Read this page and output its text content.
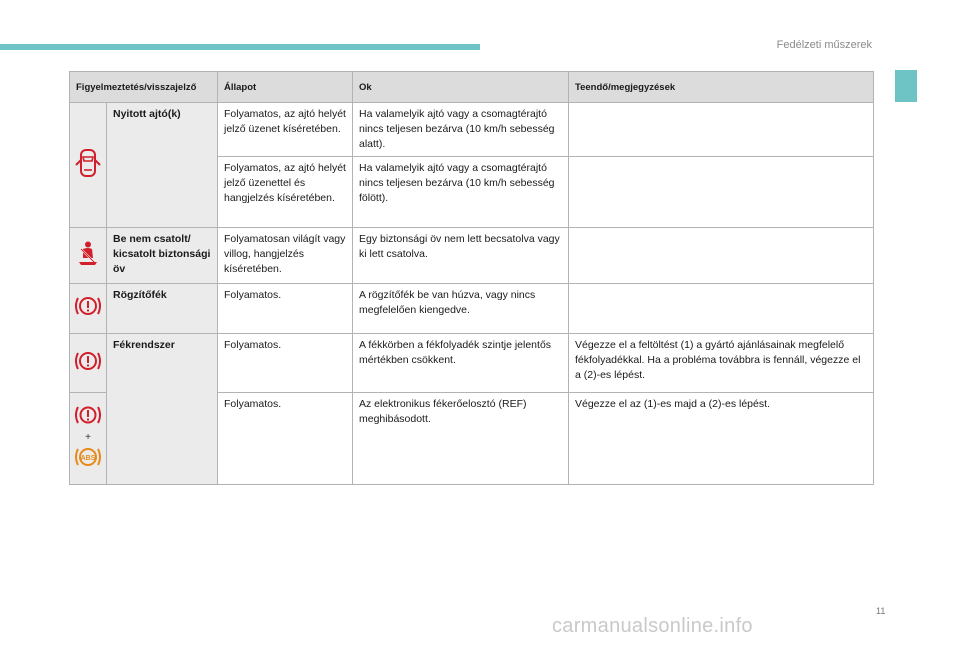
Fedélzeti műszerek
Figyelmeztetés/visszajelző		Állapot	Ok	Teendő/megjegyzések
	Nyitott ajtó(k)	Folyamatos, az ajtó helyét jelző üzenet kíséretében.	Ha valamelyik ajtó vagy a csomagtérajtó nincs teljesen bezárva (10 km/h sebesség alatt).	
		Folyamatos, az ajtó helyét jelző üzenettel és hangjelzés kíséretében.	Ha valamelyik ajtó vagy a csomagtérajtó nincs teljesen bezárva (10 km/h sebesség fölött).	
	Be nem csatolt/ kicsatolt biztonsági öv	Folyamatosan világít vagy villog, hangjelzés kíséretében.	Egy biztonsági öv nem lett becsatolva vagy ki lett csatolva.	
	Rögzítőfék	Folyamatos.	A rögzítőfék be van húzva, vagy nincs megfelelően kiengedve.	
	Fékrendszer	Folyamatos.	A fékkörben a fékfolyadék szintje jelentős mértékben csökkent.	Végezze el a feltöltést (1) a gyártó ajánlásainak megfelelő fékfolyadékkal. Ha a probléma továbbra is fennáll, végezze el a (2)-es lépést.

+
ABS		Folyamatos.	Az elektronikus fékerőelosztó (REF) meghibásodott.	Végezze el az (1)-es majd a (2)-es lépést.
11
carmanualsonline.info
